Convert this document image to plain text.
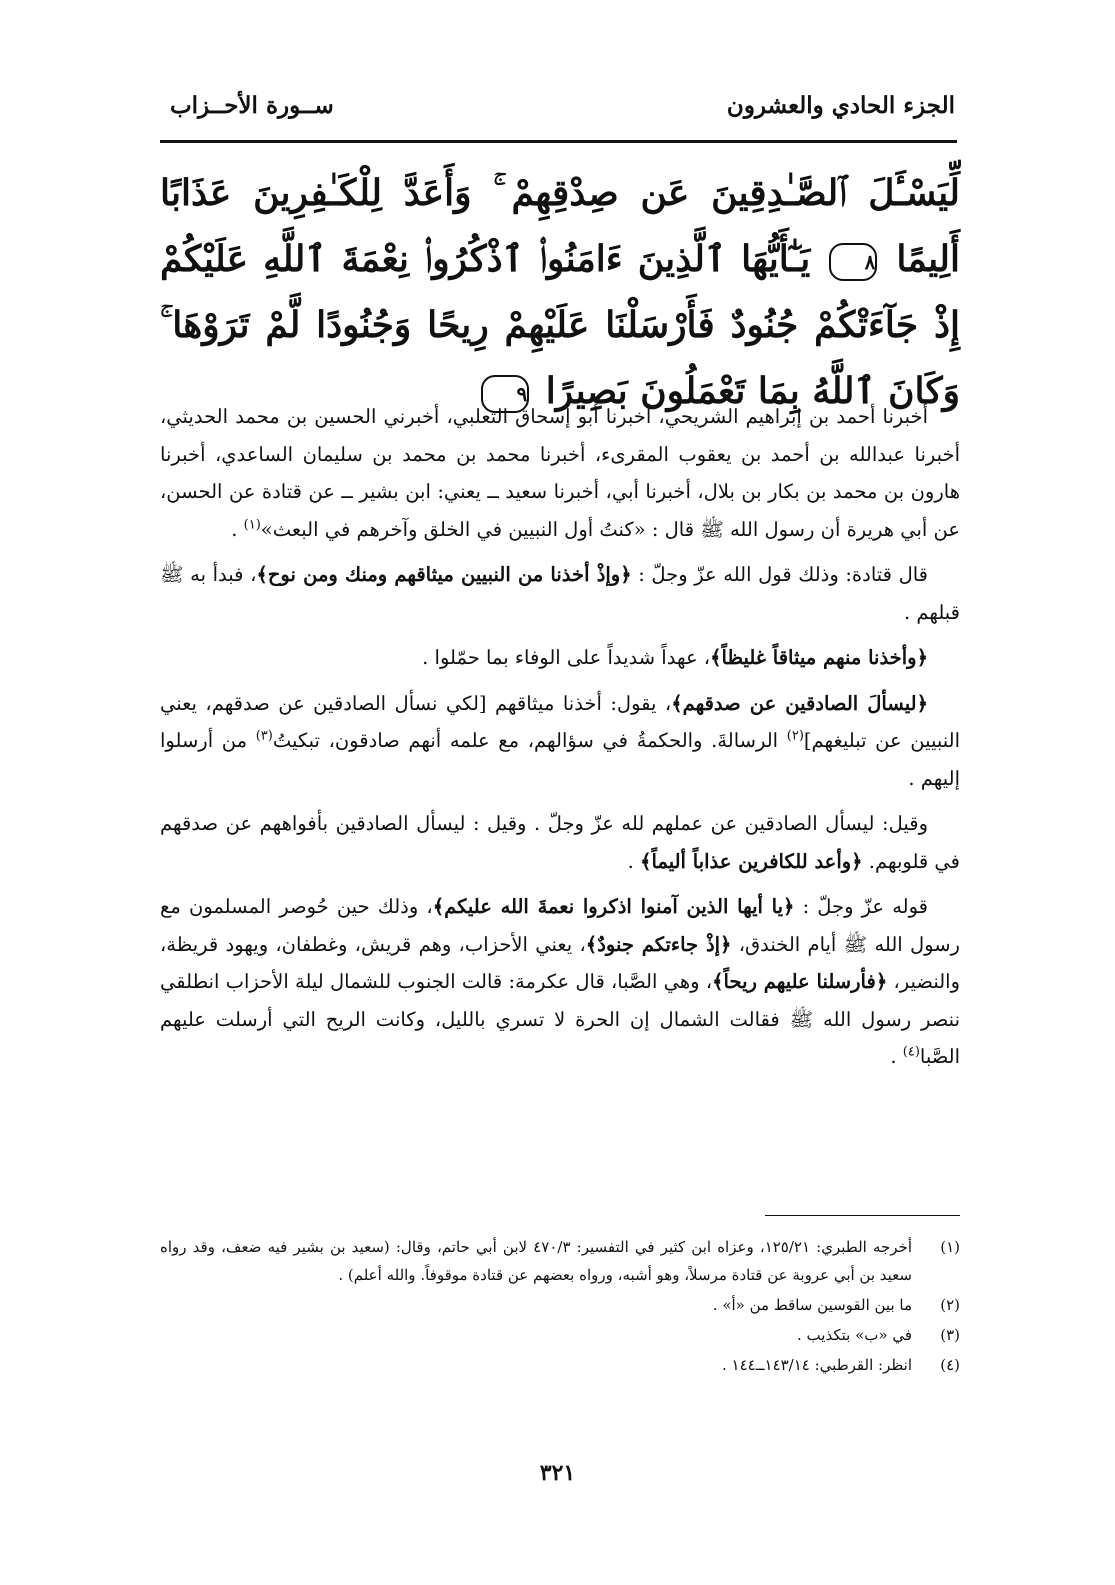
الجزء الحادي والعشرون
ســورة الأحــزاب
لِّيَسْـَٔلَ ٱلصَّـٰدِقِينَ عَن صِدْقِهِمْ ۚ وَأَعَدَّ لِلْكَـٰفِرِينَ عَذَابًا أَلِيمًا ٨ يَـٰٓأَيُّهَا ٱلَّذِينَ ءَامَنُوا۟ ٱذْكُرُوا۟ نِعْمَةَ ٱللَّهِ عَلَيْكُمْ إِذْ جَآءَتْكُمْ جُنُودٌ فَأَرْسَلْنَا عَلَيْهِمْ رِيحًا وَجُنُودًا لَّمْ تَرَوْهَا ۚ وَكَانَ ٱللَّهُ بِمَا تَعْمَلُونَ بَصِيرًا ٩

أخبرنا أحمد بن إبراهيم الشريحي، أخبرنا أبو إسحاق الثعلبي، أخبرني الحسين بن محمد الحديثي، أخبرنا عبدالله بن أحمد بن يعقوب المقرىء، أخبرنا محمد بن محمد بن سليمان الساعدي، أخبرنا هارون بن محمد بن بكار بن بلال، أخبرنا أبي، أخبرنا سعيد ــ يعني: ابن بشير ــ عن قتادة عن الحسن، عن أبي هريرة أن رسول الله ﷺ قال : «كنتُ أول النبيين في الخلق وآخرهم في البعث»$^{(١)}$ .

قال قتادة: وذلك قول الله عزّ وجلّ : ﴿وإذْ أخذنا من النبيين ميثاقهم ومنك ومن نوح﴾، فبدأ به ﷺ قبلهم .

﴿وأخذنا منهم ميثاقاً غليظاً﴾، عهداً شديداً على الوفاء بما حمّلوا .

﴿ليسألَ الصادقين عن صدقهم﴾، يقول: أخذنا ميثاقهم [لكي نسأل الصادقين عن صدقهم، يعني النبيين عن تبليغهم]$^{(٢)}$ الرسالةَ. والحكمةُ في سؤالهم، مع علمه أنهم صادقون، تبكيتُ$^{(٣)}$ من أرسلوا إليهم .

وقيل: ليسأل الصادقين عن عملهم لله عزّ وجلّ . وقيل : ليسأل الصادقين بأفواههم عن صدقهم في قلوبهم. ﴿وأعد للكافرين عذاباً أليماً﴾ .

قوله عزّ وجلّ : ﴿يا أيها الذين آمنوا اذكروا نعمةَ الله عليكم﴾، وذلك حين حُوصر المسلمون مع رسول الله ﷺ أيام الخندق، ﴿إذْ جاءتكم جنودٌ﴾، يعني الأحزاب، وهم قريش، وغطفان، ويهود قريظة، والنضير، ﴿فأرسلنا عليهم ريحاً﴾، وهي الصَّبا، قال عكرمة: قالت الجنوب للشمال ليلة الأحزاب انطلقي ننصر رسول الله ﷺ فقالت الشمال إن الحرة لا تسري بالليل، وكانت الريح التي أرسلت عليهم الصَّبا$^{(٤)}$ .

(١)
أخرجه الطبري: ١٢٥/٢١، وعزاه ابن كثير في التفسير: ٤٧٠/٣ لابن أبي حاتم، وقال: (سعيد بن بشير فيه ضعف، وقد رواه سعيد بن أبي عروبة عن قتادة مرسلاً، وهو أشبه، ورواه بعضهم عن قتادة موقوفاً. والله أعلم) .
(٢)
ما بين القوسين ساقط من «أ» .
(٣)
في «ب» بتكذيب .
(٤)
انظر: القرطبي: ١٤٣/١٤ــ١٤٤ .
٣٢١
